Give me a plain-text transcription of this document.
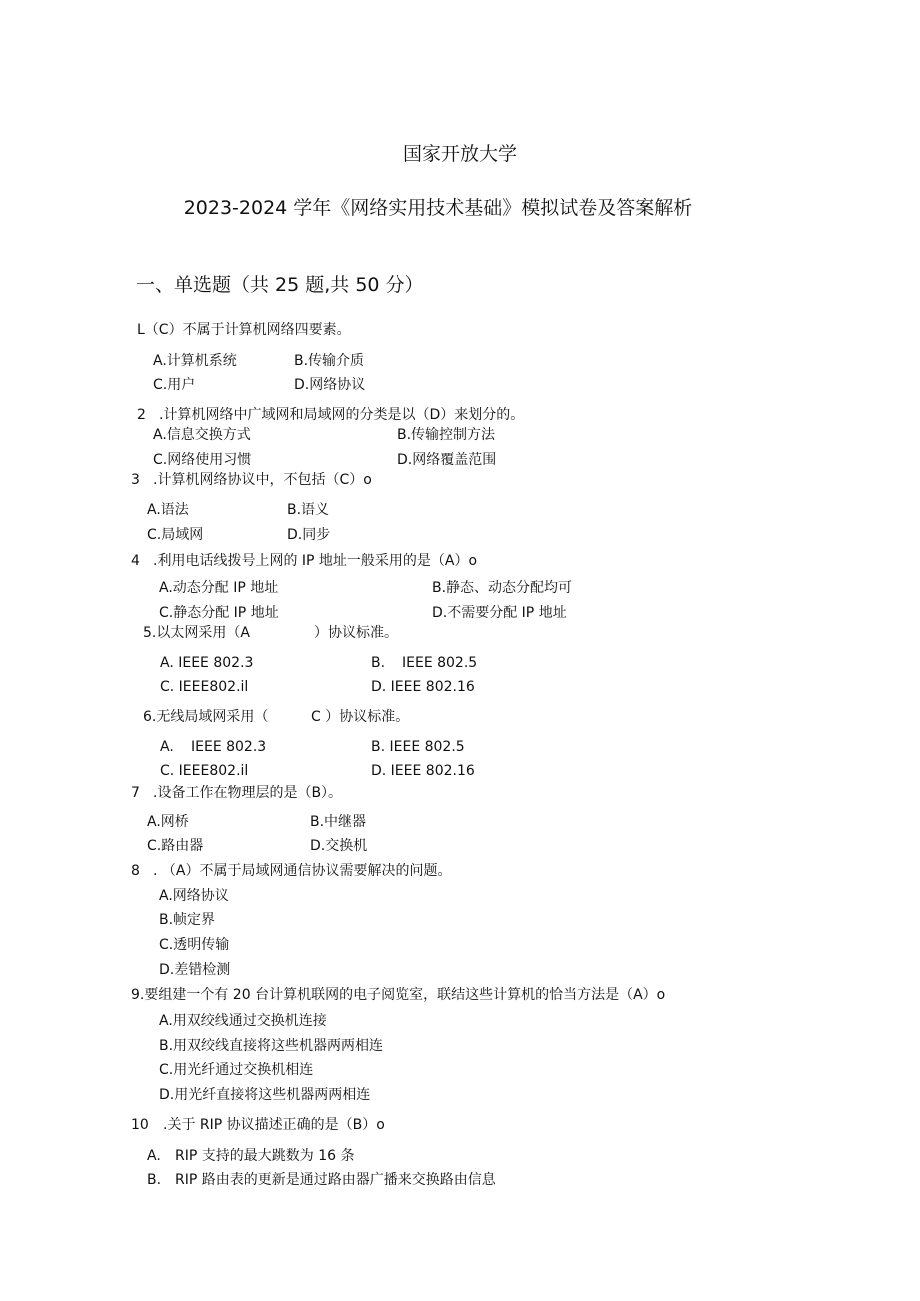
国家开放大学
2023-2024 学年《网络实用技术基础》模拟试卷及答案解析
一、单选题（共 25 题,共 50 分）
L（C）不属于计算机网络四要素。
A.计算机系统	B.传输介质
C.用户	D.网络协议
2 .计算机网络中广域网和局域网的分类是以（D）来划分的。
A.信息交换方式	B.传输控制方法
C.网络使用习惯	D.网络覆盖范围
3 .计算机网络协议中，不包括（C）o
A.语法	B.语义
C.局域网	D.同步
4 .利用电话线拨号上网的 IP 地址一般采用的是（A）o
A.动态分配 IP 地址	B.静态、动态分配均可
C.静态分配 IP 地址	D.不需要分配 IP 地址
5.以太网采用（A	）协议标准。
A. IEEE 802.3	B. IEEE 802.5
C. IEEE802.il	D. IEEE 802.16
6.无线局域网采用（	C ）协议标准。
A. IEEE 802.3	B. IEEE 802.5
C. IEEE802.il	D. IEEE 802.16
7 .设备工作在物理层的是（B）。
A.网桥	B.中继器
C.路由器	D.交换机
8 . （A）不属于局域网通信协议需要解决的问题。
A.网络协议
B.帧定界
C.透明传输
D.差错检测
9.要组建一个有 20 台计算机联网的电子阅览室，联结这些计算机的恰当方法是（A）o
A.用双绞线通过交换机连接
B.用双绞线直接将这些机器两两相连
C.用光纤通过交换机相连
D.用光纤直接将这些机器两两相连
10 .关于 RIP 协议描述正确的是（B）o
A. RIP 支持的最大跳数为 16 条
B. RIP 路由表的更新是通过路由器广播来交换路由信息
